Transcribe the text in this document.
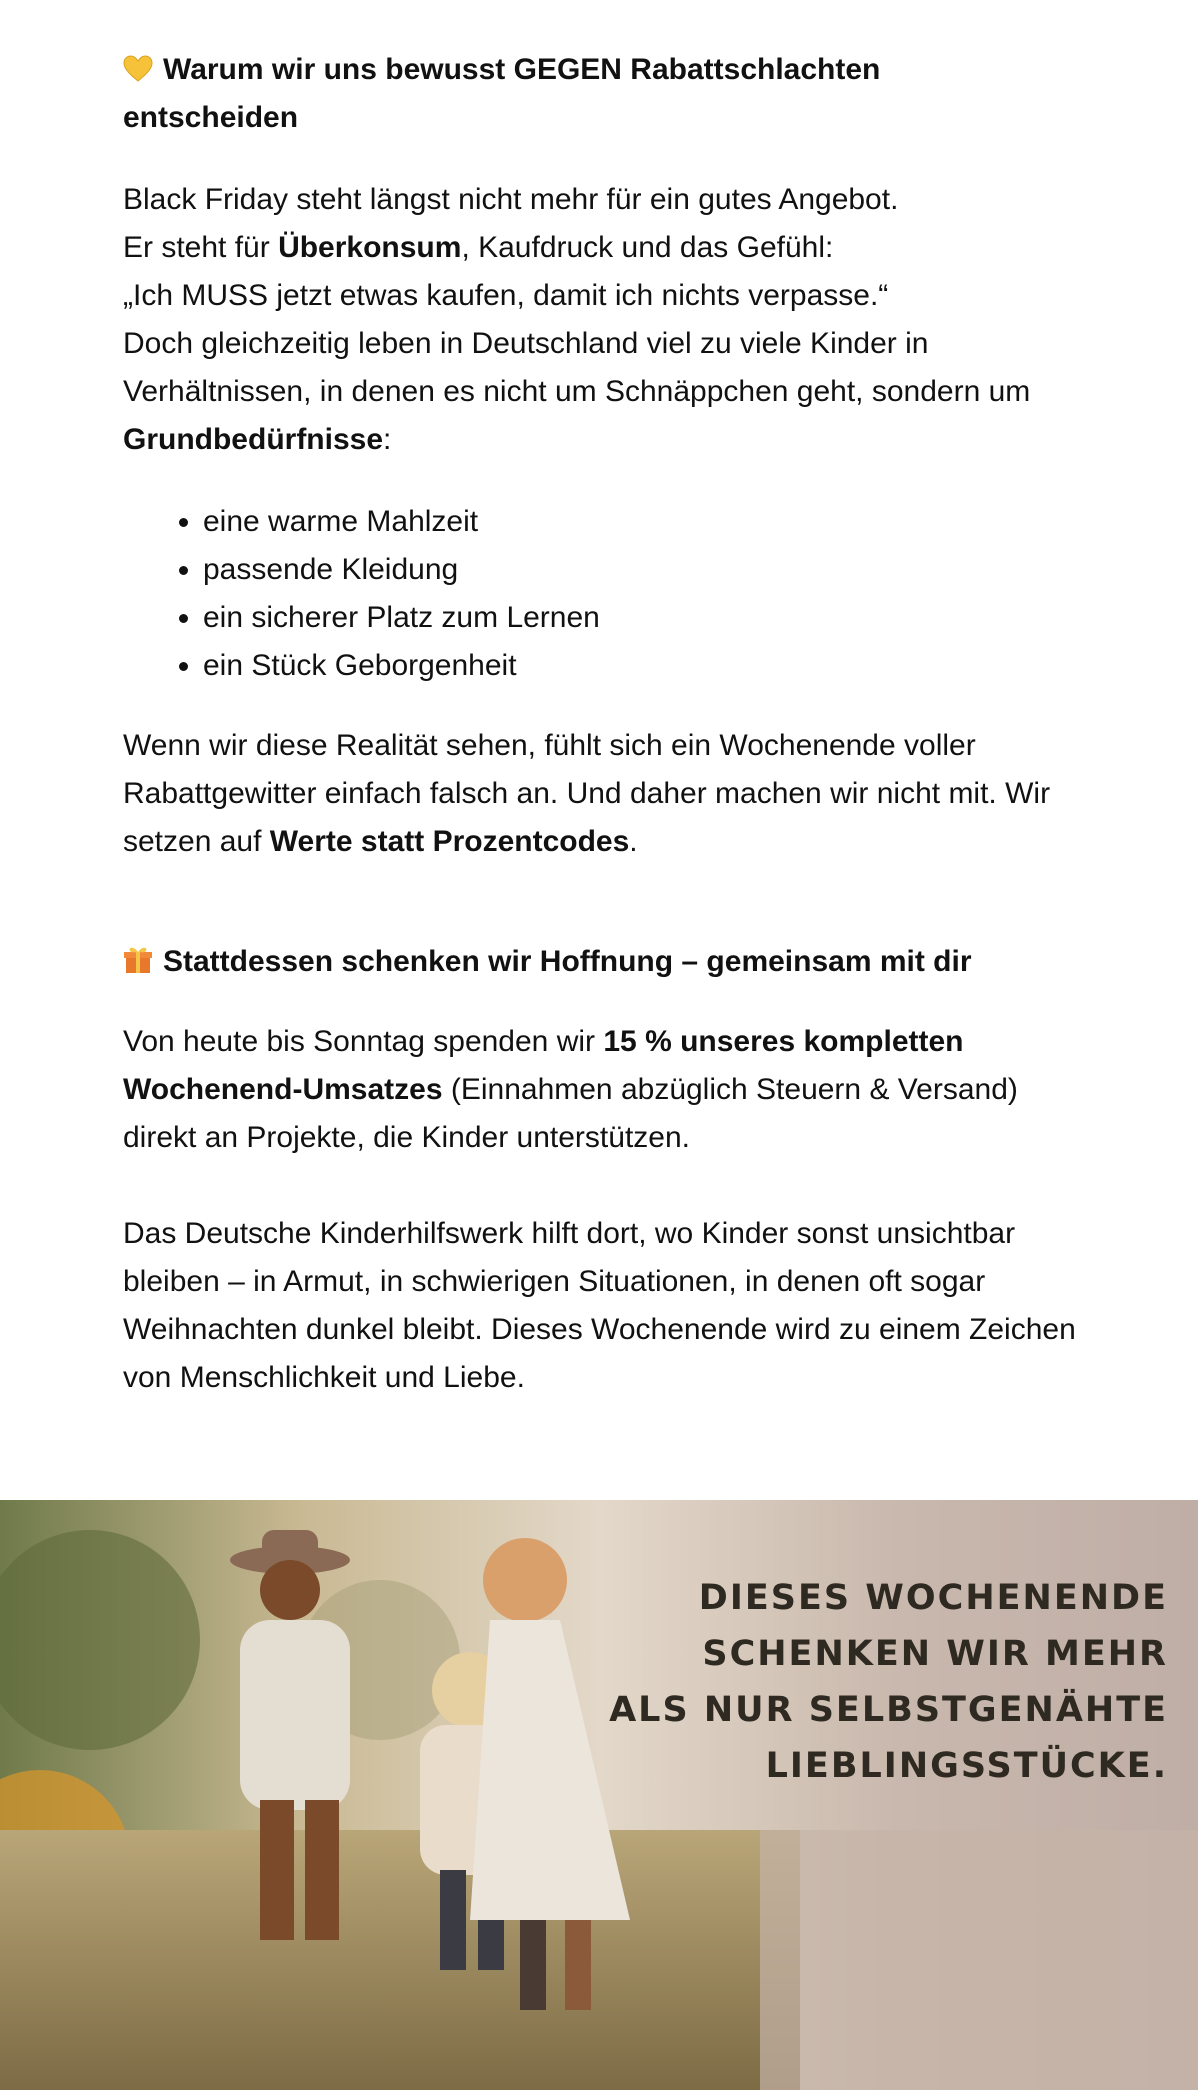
Warum wir uns bewusst GEGEN Rabattschlachten entscheiden

Black Friday steht längst nicht mehr für ein gutes Angebot.

Er steht für Überkonsum, Kaufdruck und das Gefühl:

„Ich MUSS jetzt etwas kaufen, damit ich nichts verpasse.“

Doch gleichzeitig leben in Deutschland viel zu viele Kinder in Verhältnissen, in denen es nicht um Schnäppchen geht, sondern um Grundbedürfnisse:

• eine warme Mahlzeit
• passende Kleidung
• ein sicherer Platz zum Lernen
• ein Stück Geborgenheit

Wenn wir diese Realität sehen, fühlt sich ein Wochenende voller Rabattgewitter einfach falsch an. Und daher machen wir nicht mit. Wir setzen auf Werte statt Prozentcodes.

Stattdessen schenken wir Hoffnung – gemeinsam mit dir

Von heute bis Sonntag spenden wir 15 % unseres kompletten Wochenend-Umsatzes (Einnahmen abzüglich Steuern & Versand) direkt an Projekte, die Kinder unterstützen.

Das Deutsche Kinderhilfswerk hilft dort, wo Kinder sonst unsichtbar bleiben – in Armut, in schwierigen Situationen, in denen oft sogar Weihnachten dunkel bleibt. Dieses Wochenende wird zu einem Zeichen von Menschlichkeit und Liebe.

DIESES WOCHENENDE
SCHENKEN WIR MEHR
ALS NUR SELBSTGENÄHTE
LIEBLINGSSTÜCKE.
